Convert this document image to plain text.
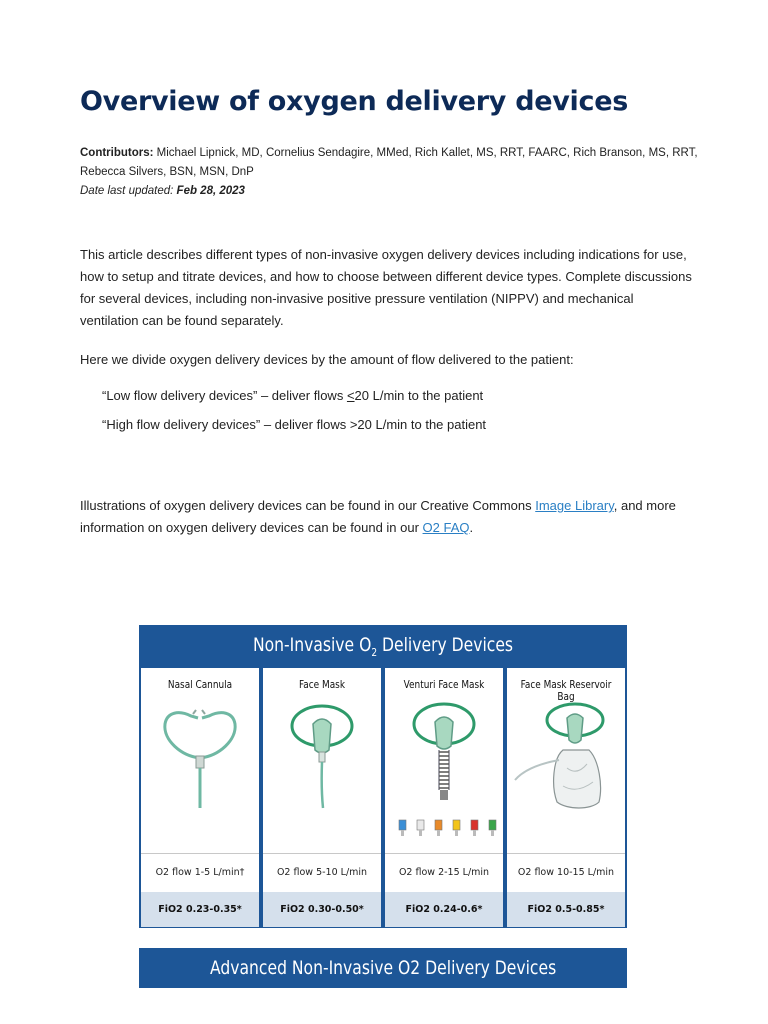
Overview of oxygen delivery devices
Contributors: Michael Lipnick, MD, Cornelius Sendagire, MMed, Rich Kallet, MS, RRT, FAARC, Rich Branson, MS, RRT,
Rebecca Silvers, BSN, MSN, DnP
Date last updated: Feb 28, 2023

This article describes different types of non-invasive oxygen delivery devices including indications for use, how to setup and titrate devices, and how to choose between different device types. Complete discussions for several devices, including non-invasive positive pressure ventilation (NIPPV) and mechanical ventilation can be found separately.

Here we divide oxygen delivery devices by the amount of flow delivered to the patient:

“Low flow delivery devices” – deliver flows ≤20 L/min to the patient
“High flow delivery devices” – deliver flows >20 L/min to the patient

Illustrations of oxygen delivery devices can be found in our Creative Commons Image Library, and more information on oxygen delivery devices can be found in our O2 FAQ.

Non-Invasive $O_2$ Delivery Devices
Nasal Cannula
O2 flow 1-5 L/min†
FiO2 0.23-0.35*
Face Mask
O2 flow 5-10 L/min
FiO2 0.30-0.50*
Venturi Face Mask
O2 flow 2-15 L/min
FiO2 0.24-0.6*
Face Mask Reservoir Bag
O2 flow 10-15 L/min
FiO2 0.5-0.85*
Advanced Non-Invasive O2 Delivery Devices
